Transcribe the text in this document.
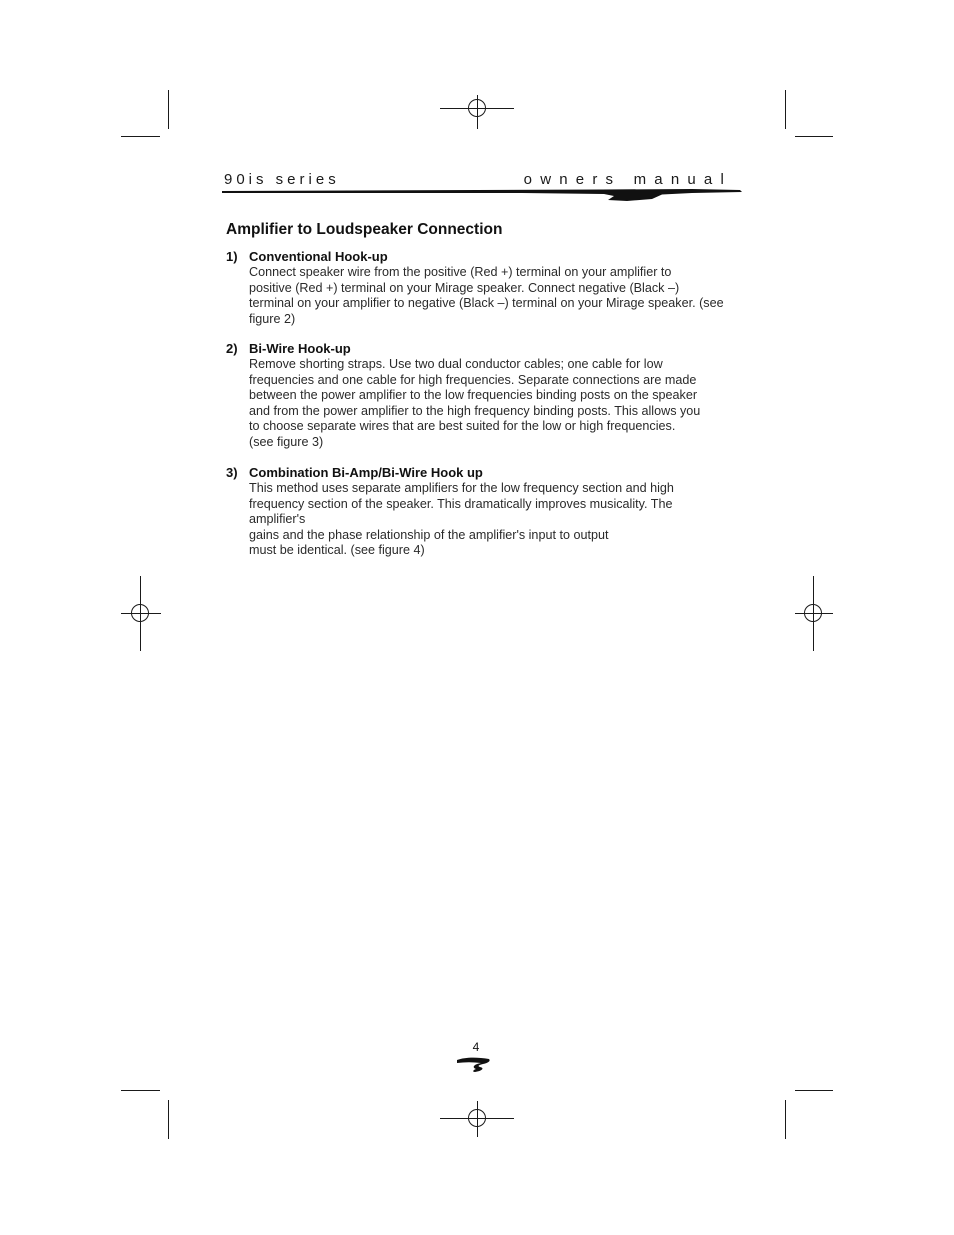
90is series	owners manual
Amplifier to Loudspeaker Connection
1) Conventional Hook-up
Connect speaker wire from the positive (Red +) terminal on your amplifier to
positive (Red +) terminal on your Mirage speaker. Connect negative (Black –)
terminal on your amplifier to negative (Black –) terminal on your Mirage speaker. (see
figure 2)
2) Bi-Wire Hook-up
Remove shorting straps. Use two dual conductor cables; one cable for low
frequencies and one cable for high frequencies. Separate connections are made
between the power amplifier to the low frequencies binding posts on the speaker
and from the power amplifier to the high frequency binding posts. This allows you
to choose separate wires that are best suited for the low or high frequencies.
(see figure 3)
3) Combination Bi-Amp/Bi-Wire Hook up
This method uses separate amplifiers for the low frequency section and high
frequency section of the speaker. This dramatically improves musicality. The amplifier's
gains and the phase relationship of the amplifier's input to output
must be identical. (see figure 4)
4
